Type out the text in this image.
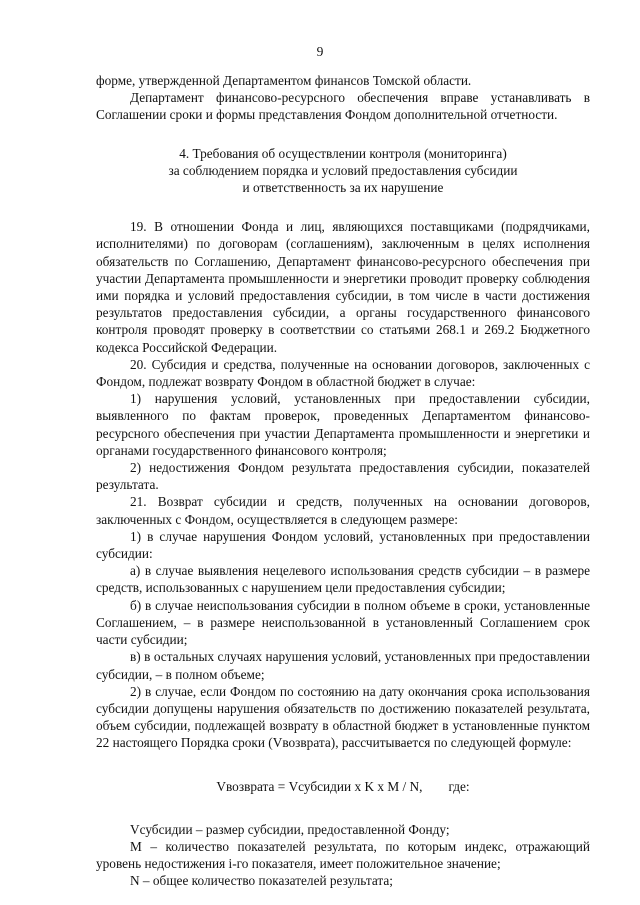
9

форме, утвержденной Департаментом финансов Томской области.

Департамент финансово-ресурсного обеспечения вправе устанавливать в Соглашении сроки и формы представления Фондом дополнительной отчетности.

4. Требования об осуществлении контроля (мониторинга)
за соблюдением порядка и условий предоставления субсидии
и ответственность за их нарушение

19. В отношении Фонда и лиц, являющихся поставщиками (подрядчиками, исполнителями) по договорам (соглашениям), заключенным в целях исполнения обязательств по Соглашению, Департамент финансово-ресурсного обеспечения при участии Департамента промышленности и энергетики проводит проверку соблюдения ими порядка и условий предоставления субсидии, в том числе в части достижения результатов предоставления субсидии, а органы государственного финансового контроля проводят проверку в соответствии со статьями 268.1 и 269.2 Бюджетного кодекса Российской Федерации.

20. Субсидия и средства, полученные на основании договоров, заключенных с Фондом, подлежат возврату Фондом в областной бюджет в случае:

1) нарушения условий, установленных при предоставлении субсидии, выявленного по фактам проверок, проведенных Департаментом финансово-ресурсного обеспечения при участии Департамента промышленности и энергетики и органами государственного финансового контроля;

2) недостижения Фондом результата предоставления субсидии, показателей результата.

21. Возврат субсидии и средств, полученных на основании договоров, заключенных с Фондом, осуществляется в следующем размере:

1) в случае нарушения Фондом условий, установленных при предоставлении субсидии:

а) в случае выявления нецелевого использования средств субсидии – в размере средств, использованных с нарушением цели предоставления субсидии;

б) в случае неиспользования субсидии в полном объеме в сроки, установленные Соглашением, – в размере неиспользованной в установленный Соглашением срок части субсидии;

в) в остальных случаях нарушения условий, установленных при предоставлении субсидии, – в полном объеме;

2) в случае, если Фондом по состоянию на дату окончания срока использования субсидии допущены нарушения обязательств по достижению показателей результата, объем субсидии, подлежащей возврату в областной бюджет в установленные пунктом 22 настоящего Порядка сроки (Vвозврата), рассчитывается по следующей формуле:

Vвозврата = Vсубсидии x K x M / N, где:

Vсубсидии – размер субсидии, предоставленной Фонду;

M – количество показателей результата, по которым индекс, отражающий уровень недостижения i-го показателя, имеет положительное значение;

N – общее количество показателей результата;
